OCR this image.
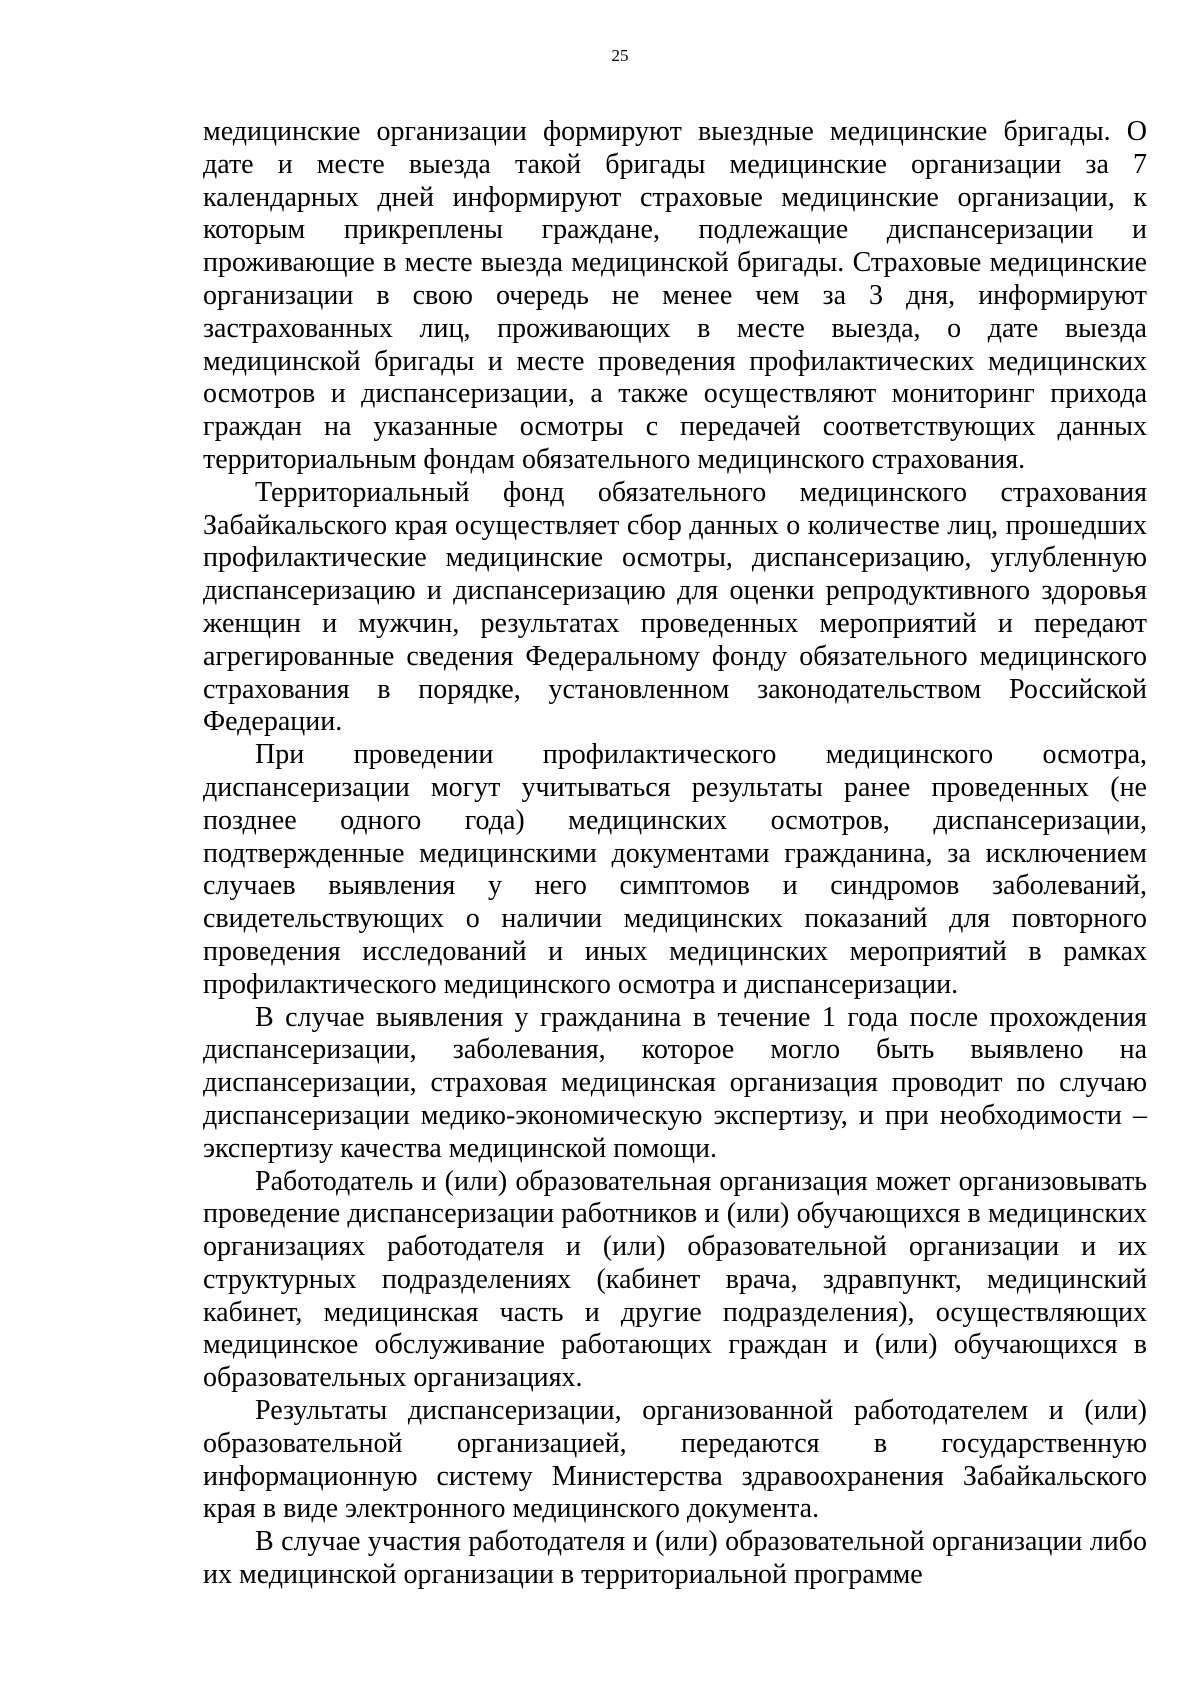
25

медицинские организации формируют выездные медицинские бригады. О дате и месте выезда такой бригады медицинские организации за 7 календарных дней информируют страховые медицинские организации, к которым прикреплены граждане, подлежащие диспансеризации и проживающие в месте выезда медицинской бригады. Страховые медицинские организации в свою очередь не менее чем за 3 дня, информируют застрахованных лиц, проживающих в месте выезда, о дате выезда медицинской бригады и месте проведения профилактических медицинских осмотров и диспансеризации, а также осуществляют мониторинг прихода граждан на указанные осмотры с передачей соответствующих данных территориальным фондам обязательного медицинского страхования.

Территориальный фонд обязательного медицинского страхования Забайкальского края осуществляет сбор данных о количестве лиц, прошедших профилактические медицинские осмотры, диспансеризацию, углубленную диспансеризацию и диспансеризацию для оценки репродуктивного здоровья женщин и мужчин, результатах проведенных мероприятий и передают агрегированные сведения Федеральному фонду обязательного медицинского страхования в порядке, установленном законодательством Российской Федерации.

При проведении профилактического медицинского осмотра, диспансеризации могут учитываться результаты ранее проведенных (не позднее одного года) медицинских осмотров, диспансеризации, подтвержденные медицинскими документами гражданина, за исключением случаев выявления у него симптомов и синдромов заболеваний, свидетельствующих о наличии медицинских показаний для повторного проведения исследований и иных медицинских мероприятий в рамках профилактического медицинского осмотра и диспансеризации.

В случае выявления у гражданина в течение 1 года после прохождения диспансеризации, заболевания, которое могло быть выявлено на диспансеризации, страховая медицинская организация проводит по случаю диспансеризации медико-экономическую экспертизу, и при необходимости – экспертизу качества медицинской помощи.

Работодатель и (или) образовательная организация может организовывать проведение диспансеризации работников и (или) обучающихся в медицинских организациях работодателя и (или) образовательной организации и их структурных подразделениях (кабинет врача, здравпункт, медицинский кабинет, медицинская часть и другие подразделения), осуществляющих медицинское обслуживание работающих граждан и (или) обучающихся в образовательных организациях.

Результаты диспансеризации, организованной работодателем и (или) образовательной организацией, передаются в государственную информационную систему Министерства здравоохранения Забайкальского края в виде электронного медицинского документа.

В случае участия работодателя и (или) образовательной организации либо их медицинской организации в территориальной программе
